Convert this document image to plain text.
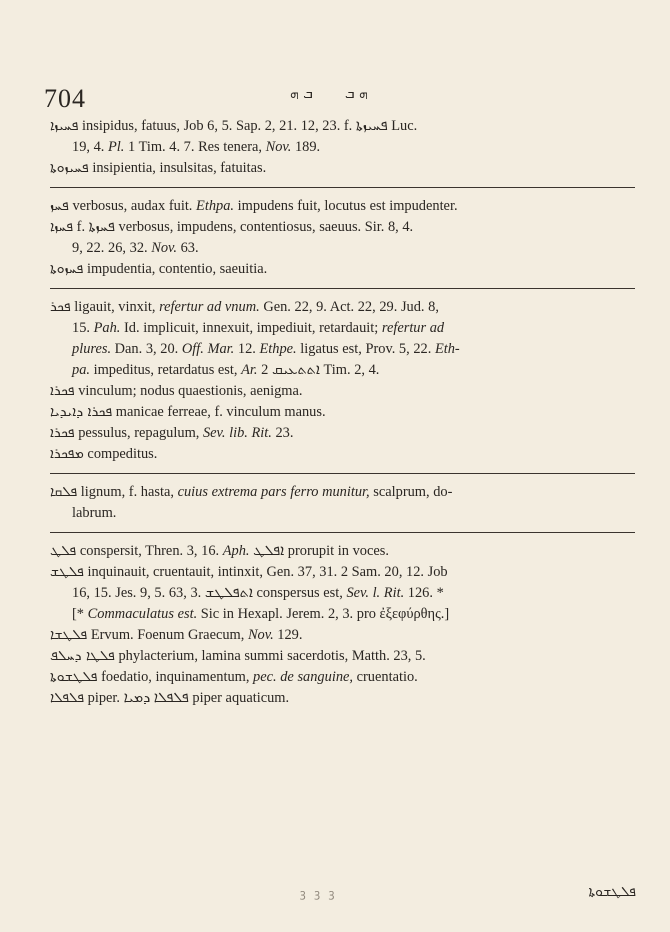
704	ܒ ܗ ܗ ܒ
ܦܚܝܙܐ insipidus, fatuus, Job 6, 5. Sap. 2, 21. 12, 23. f. ܦܚܝܙܬܐ Luc.
19, 4. Pl. 1 Tim. 4. 7. Res tenera, Nov. 189.
ܦܚܝܙܘܬܐ insipientia, insulsitas, fatuitas.
ܦܚܙ verbosus, audax fuit. Ethpa. impudens fuit, locutus est impudenter.
ܦܚܙܐ f. ܦܚܙܬܐ verbosus, impudens, contentiosus, saeuus. Sir. 8, 4.
9, 22. 26, 32. Nov. 63.
ܦܚܙܘܬܐ impudentia, contentio, saeuitia.
ܦܟܪ ligauit, vinxit, refertur ad vnum. Gen. 22, 9. Act. 22, 29. Jud. 8,
15. Pah. Id. implicuit, innexuit, impediuit, retardauit; refertur ad
plures. Dan. 3, 20. Off. Mar. 12. Ethpe. ligatus est, Prov. 5, 22. Eth-
pa. impeditus, retardatus est, Ar. ܐܬܬܥܝܩ 2	Tim. 2, 4.
ܦܟܪܐ vinculum; nodus quaestionis, aenigma.
ܦܟܪܐ ܕܐܝܕܝܐ manicae ferreae, f. vinculum manus.
ܦܟܪܐ pessulus, repagulum, Sev. lib. Rit. 23.
ܡܦܟܪܐ compeditus.
ܦܠܩܐ lignum, f. hasta, cuius extrema pars ferro munitur, scalprum, do-
labrum.
ܦܠܛ conspersit, Thren. 3, 16. Aph. ܐܦܠܛ prorupit in voces.
ܦܠܛܫ inquinauit, cruentauit, intinxit, Gen. 37, 31. 2 Sam. 20, 12. Job
16, 15. Jes. 9, 5. 63, 3. ܐܬܦܠܛܫ conspersus est, Sev. l. Rit. 126. *
[* Commaculatus est. Sic in Hexapl. Jerem. 2, 3. pro ἐξεφύρθης.]
ܦܠܛܫܐ Ervum. Foenum Graecum, Nov. 129.
ܦܠܛܐ ܕܚܠܦ phylacterium, lamina summi sacerdotis, Matth. 23, 5.
ܦܠܛܫܘܬܐ foedatio, inquinamentum, pec. de sanguine, cruentatio.
ܦܠܦܠܐ piper. ܦܠܦܠܐ ܕܡܝܐ piper aquaticum.
ꝫ ꝫ ꝫ	ܦܠܛܫܘܬܐ
